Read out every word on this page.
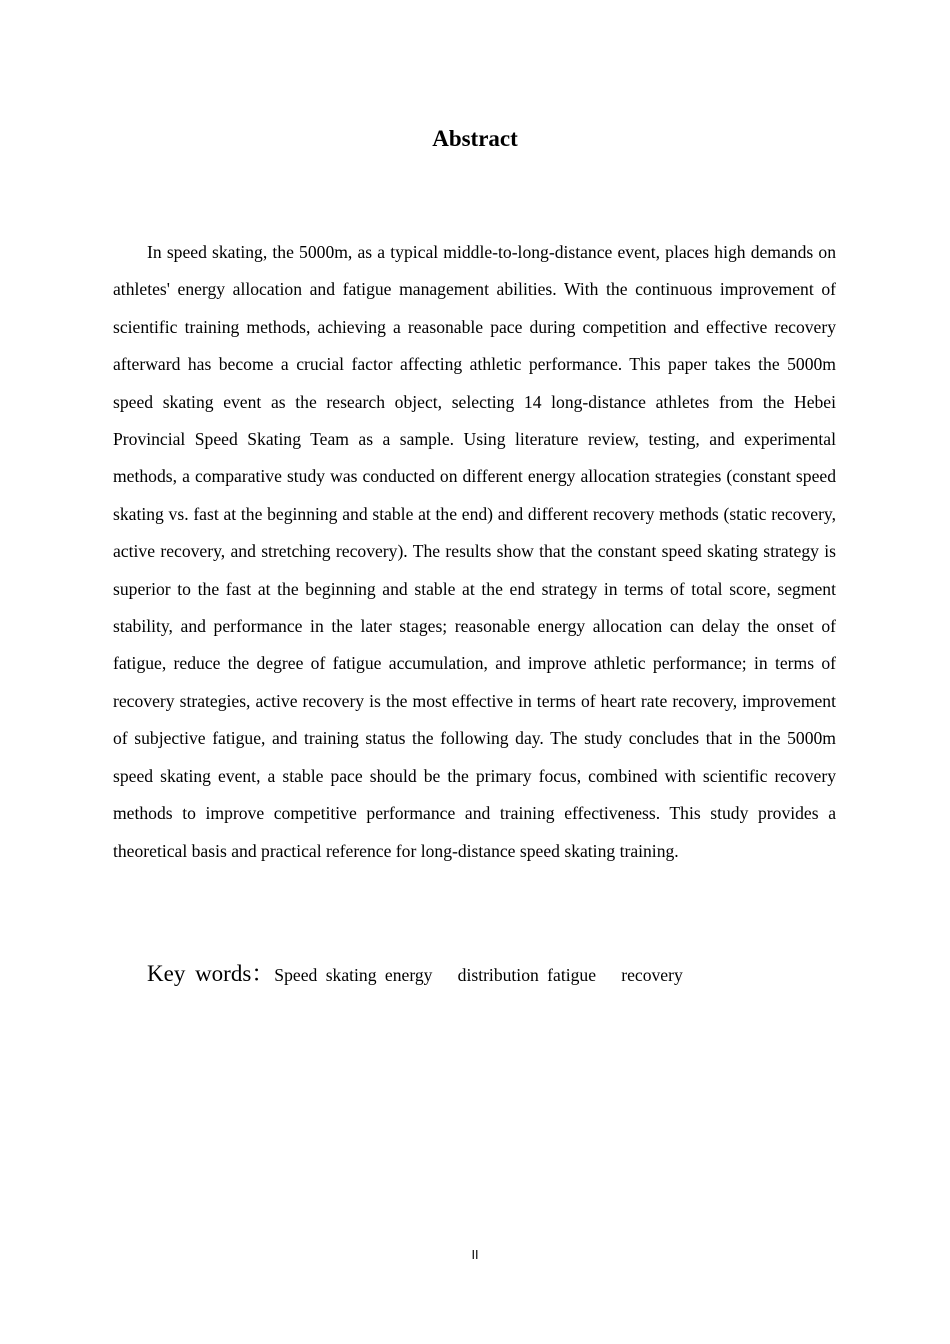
Abstract

In speed skating, the 5000m, as a typical middle-to-long-distance event, places high demands on athletes' energy allocation and fatigue management abilities. With the continuous improvement of scientific training methods, achieving a reasonable pace during competition and effective recovery afterward has become a crucial factor affecting athletic performance. This paper takes the 5000m speed skating event as the research object, selecting 14 long-distance athletes from the Hebei Provincial Speed Skating Team as a sample. Using literature review, testing, and experimental methods, a comparative study was conducted on different energy allocation strategies (constant speed skating vs. fast at the beginning and stable at the end) and different recovery methods (static recovery, active recovery, and stretching recovery). The results show that the constant speed skating strategy is superior to the fast at the beginning and stable at the end strategy in terms of total score, segment stability, and performance in the later stages; reasonable energy allocation can delay the onset of fatigue, reduce the degree of fatigue accumulation, and improve athletic performance; in terms of recovery strategies, active recovery is the most effective in terms of heart rate recovery, improvement of subjective fatigue, and training status the following day. The study concludes that in the 5000m speed skating event, a stable pace should be the primary focus, combined with scientific recovery methods to improve competitive performance and training effectiveness. This study provides a theoretical basis and practical reference for long-distance speed skating training.

Key words：Speed skating energy   distribution fatigue   recovery

II
